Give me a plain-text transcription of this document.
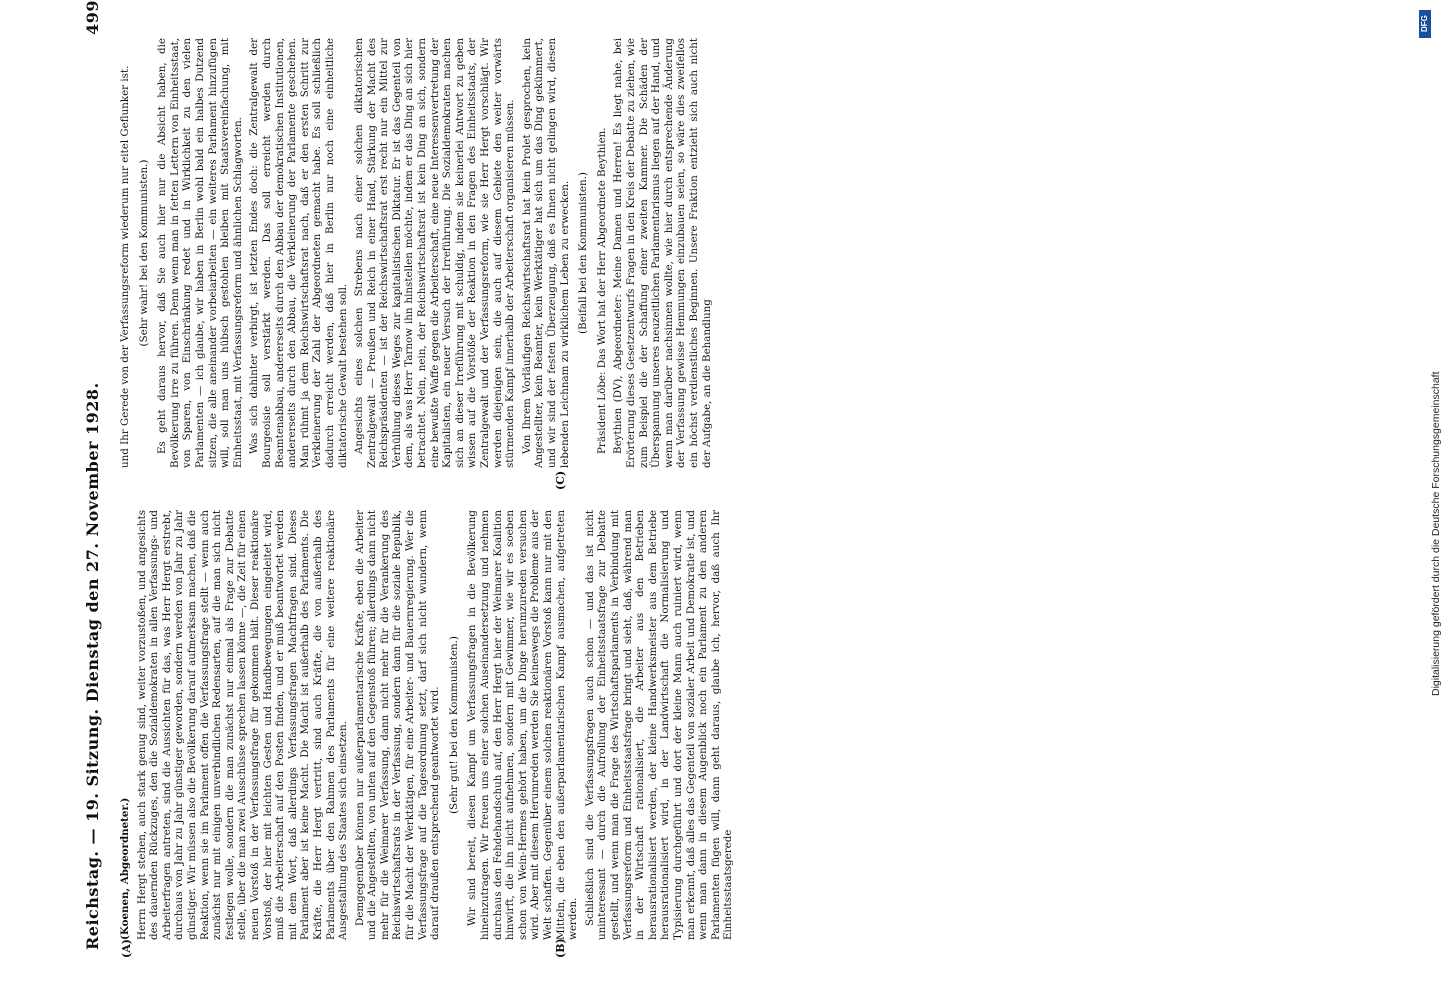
Reichstag. — 19. Sitzung. Dienstag den 27. November 1928.
499
(A)	(B)
(C)

(Koenen, Abgeordneter.) Herrn Hergt stehen, auch stark genug sind, weiter vorzustoßen, und angesichts des dauernden Rückzuges, den die Sozialdemokraten in allen Verfassungs- und Arbeiterfragen antreten, sind die Aussichten für das, was Herr Hergt erstrebt, durchaus von Jahr zu Jahr günstiger geworden, sondern werden von Jahr zu Jahr günstiger. Wir müssen also die Bevölkerung darauf aufmerksam machen, daß die Reaktion, wenn sie im Parlament offen die Verfassungsfrage stellt — wenn auch zunächst nur mit einigen unverbindlichen Redensarten, auf die man sich nicht festlegen wolle, sondern die man zunächst nur einmal als Frage zur Debatte stelle, über die man zwei Ausschüsse sprechen lassen könne —, die Zeit für einen neuen Vorstoß in der Verfassungsfrage für gekommen hält. Dieser reaktionäre Vorstoß, der hier mit leichten Gesten und Handbewegungen eingeleitet wird, muß die Arbeiterschaft auf den Posten finden, und er muß beantwortet werden mit dem Wort, daß allerdings Verfassungsfragen Machtfragen sind. Dieses Parlament aber ist keine Macht. Die Macht ist außerhalb des Parlaments. Die Kräfte, die Herr Hergt vertritt, sind auch Kräfte, die von außerhalb des Parlaments über den Rahmen des Parlaments für eine weitere reaktionäre Ausgestaltung des Staates sich einsetzen. Demgegenüber können nur außerparlamentarische Kräfte, eben die Arbeiter und die Angestellten, von unten auf den Gegenstoß führen; allerdings dann nicht mehr für die Weimarer Verfassung, dann nicht mehr für die Verankerung des Reichswirtschaftsrats in der Verfassung, sondern dann für die soziale Republik, für die Macht der Werktätigen, für eine Arbeiter- und Bauernregierung. Wer die Verfassungsfrage auf die Tagesordnung setzt, darf sich nicht wundern, wenn darauf draußen entsprechend geantwortet wird. (Sehr gut! bei den Kommunisten.) Wir sind bereit, diesen Kampf um Verfassungsfragen in die Bevölkerung hineinzutragen. Wir freuen uns einer solchen Auseinandersetzung und nehmen durchaus den Fehdehandschuh auf, den Herr Hergt hier der Weimarer Koalition hinwirft, die ihn nicht aufnehmen, sondern mit Gewimmer, wie wir es soeben schon von Wein-Hermes gehört haben, um die Dinge herumzureden versuchen wird. Aber mit diesem Herumreden werden Sie keineswegs die Probleme aus der Welt schaffen. Gegenüber einem solchen reaktionären Vorstoß kann nur mit den Mitteln, die eben den außerparlamentarischen Kampf ausmachen, aufgetreten werden. Schließlich sind die Verfassungsfragen auch schon — und das ist nicht uninteressant — durch die Aufrollung der Einheitsstaatsfrage zur Debatte gestellt, und wenn man die Frage des Wirtschaftsparlaments in Verbindung mit Verfassungsreform und Einheitsstaatsfrage bringt und sieht, daß, während man in der Wirtschaft rationalisiert, die Arbeiter aus den Betrieben herausrationalisiert werden, der kleine Handwerksmeister aus dem Betriebe herausrationalisiert wird, in der Landwirtschaft die Normalisierung und Typisierung durchgeführt und dort der kleine Mann auch ruiniert wird, wenn man erkennt, daß alles das Gegenteil von sozialer Arbeit und Demokratie ist, und wenn man dann in diesem Augenblick noch ein Parlament zu den anderen Parlamenten fügen will, dann geht daraus, glaube ich, hervor, daß auch Ihr Einheitsstaatsgerede

und Ihr Gerede von der Verfassungsreform wiederum nur eitel Geflunker ist. (Sehr wahr! bei den Kommunisten.) Es geht daraus hervor, daß Sie auch hier nur die Absicht haben, die Bevölkerung irre zu führen. Denn wenn man in fetten Lettern von Einheitsstaat, von Sparen, von Einschränkung redet und in Wirklichkeit zu den vielen Parlamenten — ich glaube, wir haben in Berlin wohl bald ein halbes Dutzend sitzen, die alle aneinander vorbeiarbeiten — ein weiteres Parlament hinzufügen will, soll man uns hübsch gestohlen bleiben mit Staatsvereinfachung, mit Einheitsstaat, mit Verfassungsreform und ähnlichen Schlagworten. Was sich dahinter verbirgt, ist letzten Endes doch: die Zentralgewalt der Bourgeoisie soll verstärkt werden. Das soll erreicht werden durch Beamtenabbau, andererseits durch den Abbau der demokratischen Institutionen, andererseits durch den Abbau, die Verkleinerung der Parlamente geschehen. Man rühmt ja dem Reichswirtschaftsrat nach, daß er den ersten Schritt zur Verkleinerung der Zahl der Abgeordneten gemacht habe. Es soll schließlich dadurch erreicht werden, daß hier in Berlin nur noch eine einheitliche diktatorische Gewalt bestehen soll. Angesichts eines solchen Strebens nach einer solchen diktatorischen Zentralgewalt — Preußen und Reich in einer Hand, Stärkung der Macht des Reichspräsidenten — ist der Reichswirtschaftsrat erst recht nur ein Mittel zur Verhüllung dieses Weges zur kapitalistischen Diktatur. Er ist das Gegenteil von dem, als was Herr Tarnow ihn hinstellen möchte, indem er das Ding an sich hier betrachtet. Nein, nein, der Reichswirtschaftsrat ist kein Ding an sich, sondern eine bewußte Waffe gegen die Arbeiterschaft, eine neue Interessenvertretung der Kapitalisten, ein neuer Versuch der Irreführung. Die Sozialdemokraten machen sich an dieser Irreführung mit schuldig, indem sie keinerlei Antwort zu geben wissen auf die Vorstöße der Reaktion in den Fragen des Einheitsstaats, der Zentralgewalt und der Verfassungsreform, wie sie Herr Hergt vorschlägt. Wir werden diejenigen sein, die auch auf diesem Gebiete den weiter vorwärts stürmenden Kampf innerhalb der Arbeiterschaft organisieren müssen. Von Ihrem Vorläufigen Reichswirtschaftsrat hat kein Prolet gesprochen, kein Angestellter, kein Beamter, kein Werktätiger hat sich um das Ding gekümmert, und wir sind der festen Überzeugung, daß es Ihnen nicht gelingen wird, diesen lebenden Leichnam zu wirklichem Leben zu erwecken. (Beifall bei den Kommunisten.) Präsident Löbe: Das Wort hat der Herr Abgeordnete Beythien. Beythien (DV), Abgeordneter: Meine Damen und Herren! Es liegt nahe, bei Erörterung dieses Gesetzentwurfs Fragen in den Kreis der Debatte zu ziehen, wie zum Beispiel die der Schaffung einer zweiten Kammer. Die Schäden der Überspannung unseres neuzeitlichen Parlamentarismus liegen auf der Hand, und wenn man darüber nachsinnen wollte, wie hier durch entsprechende Änderung der Verfassung gewisse Hemmungen einzubauen seien, so wäre dies zweifellos ein höchst verdienstliches Beginnen. Unsere Fraktion entzieht sich auch nicht der Aufgabe, an die Behandlung

DFG
Digitalisierung gefördert durch die Deutsche Forschungsgemeinschaft
